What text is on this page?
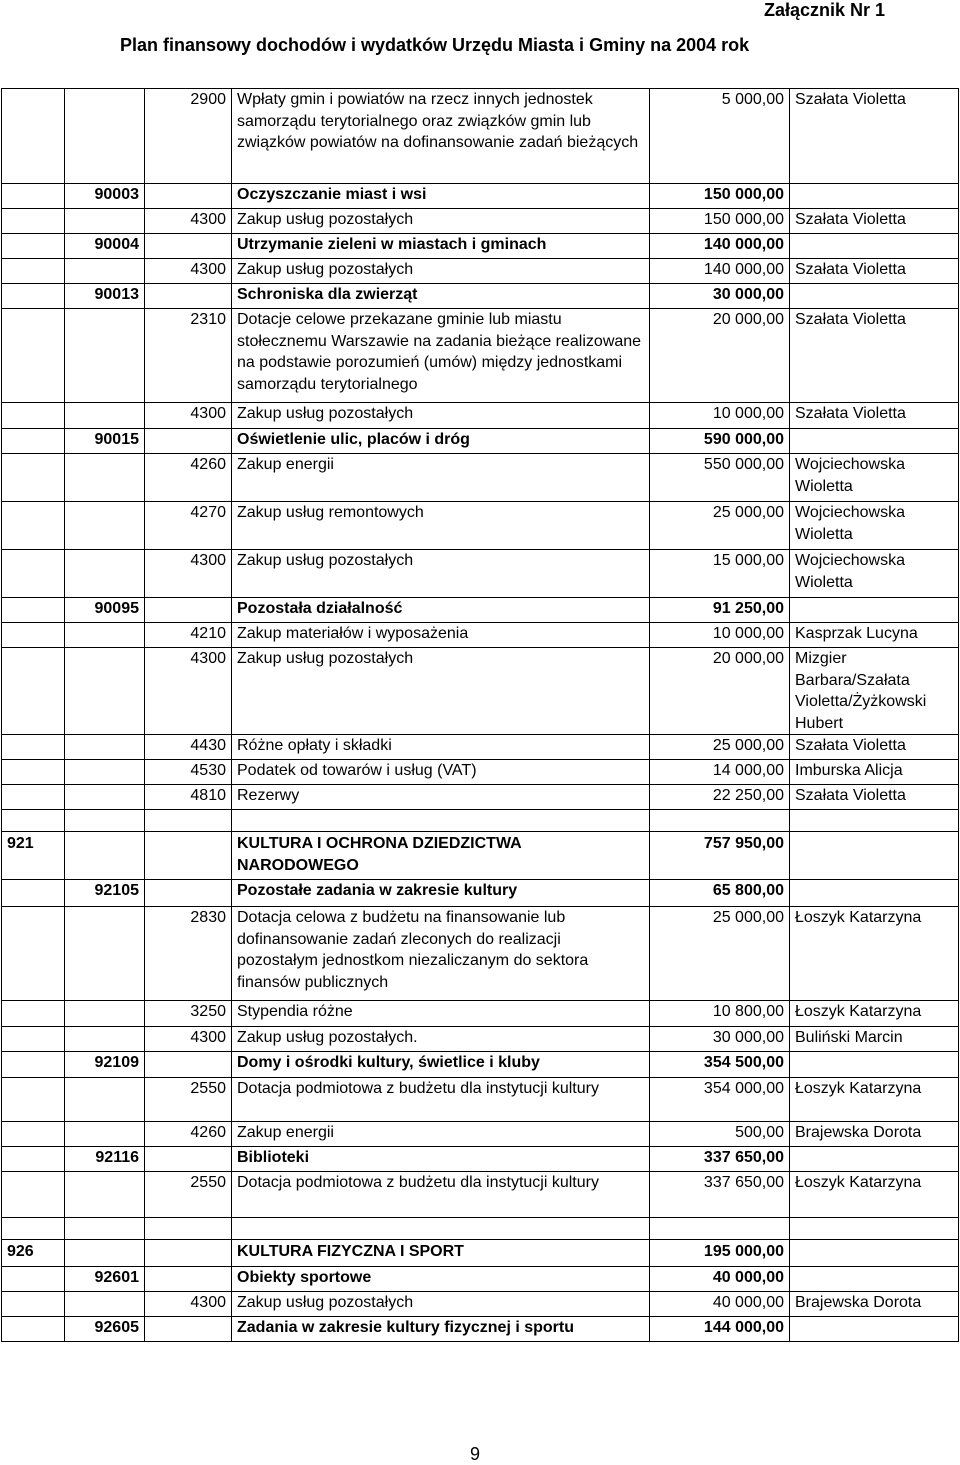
Załącznik Nr 1
Plan finansowy dochodów i wydatków Urzędu Miasta i Gminy na 2004 rok
		2900	Wpłaty gmin i powiatów na rzecz innych jednostek samorządu terytorialnego oraz związków gmin lub związków powiatów na dofinansowanie zadań bieżących	5 000,00	Szałata Violetta
	90003		Oczyszczanie miast i wsi	150 000,00	
		4300	Zakup usług pozostałych	150 000,00	Szałata Violetta
	90004		Utrzymanie zieleni w miastach i gminach	140 000,00	
		4300	Zakup usług pozostałych	140 000,00	Szałata Violetta
	90013		Schroniska dla zwierząt	30 000,00	
		2310	Dotacje celowe przekazane gminie lub miastu stołecznemu Warszawie na zadania bieżące realizowane na podstawie porozumień (umów) między jednostkami samorządu terytorialnego	20 000,00	Szałata Violetta
		4300	Zakup usług pozostałych	10 000,00	Szałata Violetta
	90015		Oświetlenie ulic, placów i dróg	590 000,00	
		4260	Zakup energii	550 000,00	Wojciechowska Wioletta
		4270	Zakup usług remontowych	25 000,00	Wojciechowska Wioletta
		4300	Zakup usług pozostałych	15 000,00	Wojciechowska Wioletta
	90095		Pozostała działalność	91 250,00	
		4210	Zakup materiałów i wyposażenia	10 000,00	Kasprzak Lucyna
		4300	Zakup usług pozostałych	20 000,00	Mizgier Barbara/Szałata Violetta/Żyżkowski Hubert
		4430	Różne opłaty i składki	25 000,00	Szałata Violetta
		4530	Podatek od towarów i usług (VAT)	14 000,00	Imburska Alicja
		4810	Rezerwy	22 250,00	Szałata Violetta

921			KULTURA I OCHRONA DZIEDZICTWA NARODOWEGO	757 950,00	
	92105		Pozostałe zadania w zakresie kultury	65 800,00	
		2830	Dotacja celowa z budżetu na finansowanie lub dofinansowanie zadań zleconych do realizacji pozostałym jednostkom niezaliczanym do sektora finansów publicznych	25 000,00	Łoszyk Katarzyna
		3250	Stypendia różne	10 800,00	Łoszyk Katarzyna
		4300	Zakup usług pozostałych.	30 000,00	Buliński Marcin
	92109		Domy i ośrodki kultury, świetlice i kluby	354 500,00	
		2550	Dotacja podmiotowa z budżetu dla instytucji kultury	354 000,00	Łoszyk Katarzyna
		4260	Zakup energii	500,00	Brajewska Dorota
	92116		Biblioteki	337 650,00	
		2550	Dotacja podmiotowa z budżetu dla instytucji kultury	337 650,00	Łoszyk Katarzyna

926			KULTURA FIZYCZNA I SPORT	195 000,00	
	92601		Obiekty sportowe	40 000,00	
		4300	Zakup usług pozostałych	40 000,00	Brajewska Dorota
	92605		Zadania w zakresie kultury fizycznej i sportu	144 000,00	
9
